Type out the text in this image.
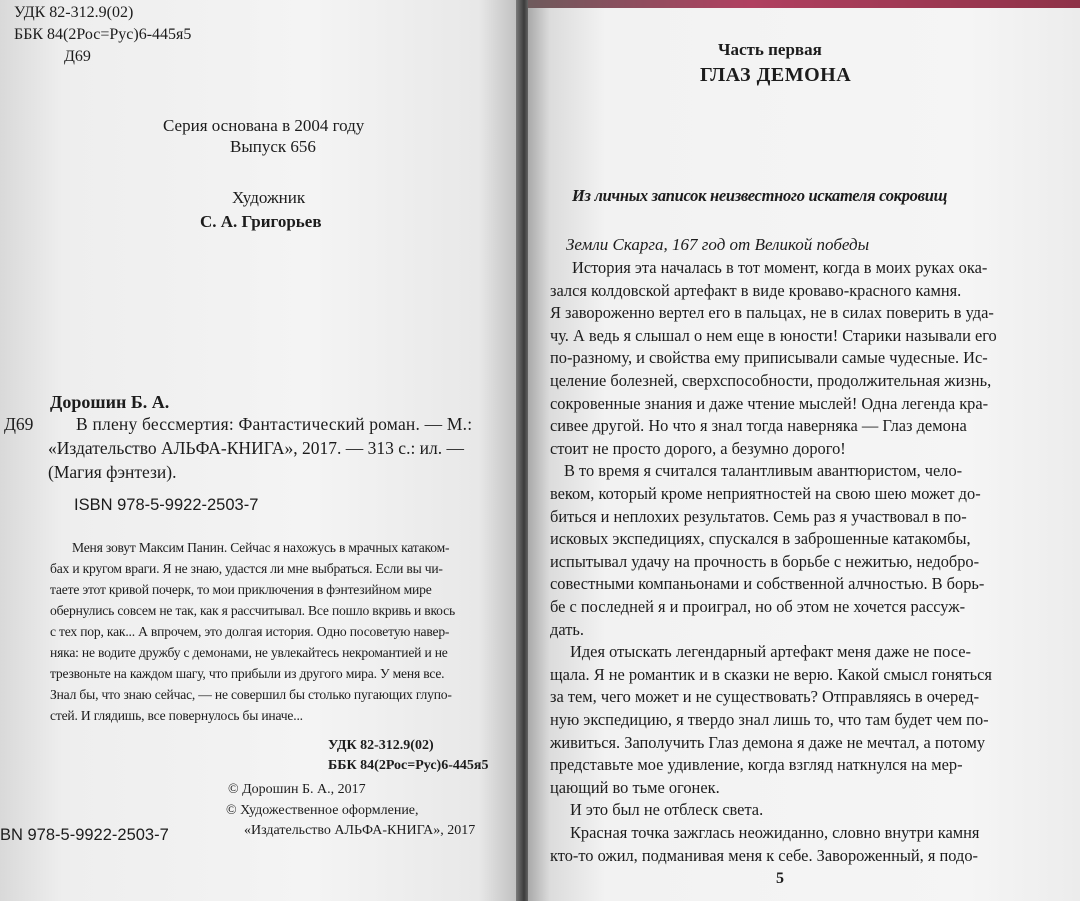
УДК 82-312.9(02)
ББК 84(2Рос=Рус)6-445я5
Д69
Серия основана в 2004 году
Выпуск 656
Художник
С. А. Григорьев
Дорошин Б. А.
Д69 В плену бессмертия: Фантастический роман. — М.:
«Издательство АЛЬФА-КНИГА», 2017. — 313 с.: ил. —
(Магия фэнтези).
ISBN 978-5-9922-2503-7
Меня зовут Максим Панин. Сейчас я нахожусь в мрачных катаком-
бах и кругом враги. Я не знаю, удастся ли мне выбраться. Если вы чи-
таете этот кривой почерк, то мои приключения в фэнтезийном мире
обернулись совсем не так, как я рассчитывал. Все пошло вкривь и вкось
с тех пор, как... А впрочем, это долгая история. Одно посоветую навер-
няка: не водите дружбу с демонами, не увлекайтесь некромантией и не
трезвоньте на каждом шагу, что прибыли из другого мира. У меня все.
Знал бы, что знаю сейчас, — не совершил бы столько пугающих глупо-
стей. И глядишь, все повернулось бы иначе...
УДК 82-312.9(02)
ББК 84(2Рос=Рус)6-445я5
© Дорошин Б. А., 2017
© Художественное оформление,
«Издательство АЛЬФА-КНИГА», 2017
BN 978-5-9922-2503-7
Часть первая
ГЛАЗ ДЕМОНА
Из личных записок неизвестного искателя сокровищ
Земли Скарга, 167 год от Великой победы
История эта началась в тот момент, когда в моих руках ока-
зался колдовской артефакт в виде кроваво-красного камня.
Я завороженно вертел его в пальцах, не в силах поверить в уда-
чу. А ведь я слышал о нем еще в юности! Старики называли его
по-разному, и свойства ему приписывали самые чудесные. Ис-
целение болезней, сверхспособности, продолжительная жизнь,
сокровенные знания и даже чтение мыслей! Одна легенда кра-
сивее другой. Но что я знал тогда наверняка — Глаз демона
стоит не просто дорого, а безумно дорого!
В то время я считался талантливым авантюристом, чело-
веком, который кроме неприятностей на свою шею может до-
биться и неплохих результатов. Семь раз я участвовал в по-
исковых экспедициях, спускался в заброшенные катакомбы,
испытывал удачу на прочность в борьбе с нежитью, недобро-
совестными компаньонами и собственной алчностью. В борь-
бе с последней я и проиграл, но об этом не хочется рассуж-
дать.
Идея отыскать легендарный артефакт меня даже не посе-
щала. Я не романтик и в сказки не верю. Какой смысл гоняться
за тем, чего может и не существовать? Отправляясь в очеред-
ную экспедицию, я твердо знал лишь то, что там будет чем по-
живиться. Заполучить Глаз демона я даже не мечтал, а потому
представьте мое удивление, когда взгляд наткнулся на мер-
цающий во тьме огонек.
И это был не отблеск света.
Красная точка зажглась неожиданно, словно внутри камня
кто-то ожил, подманивая меня к себе. Завороженный, я подо-
5
